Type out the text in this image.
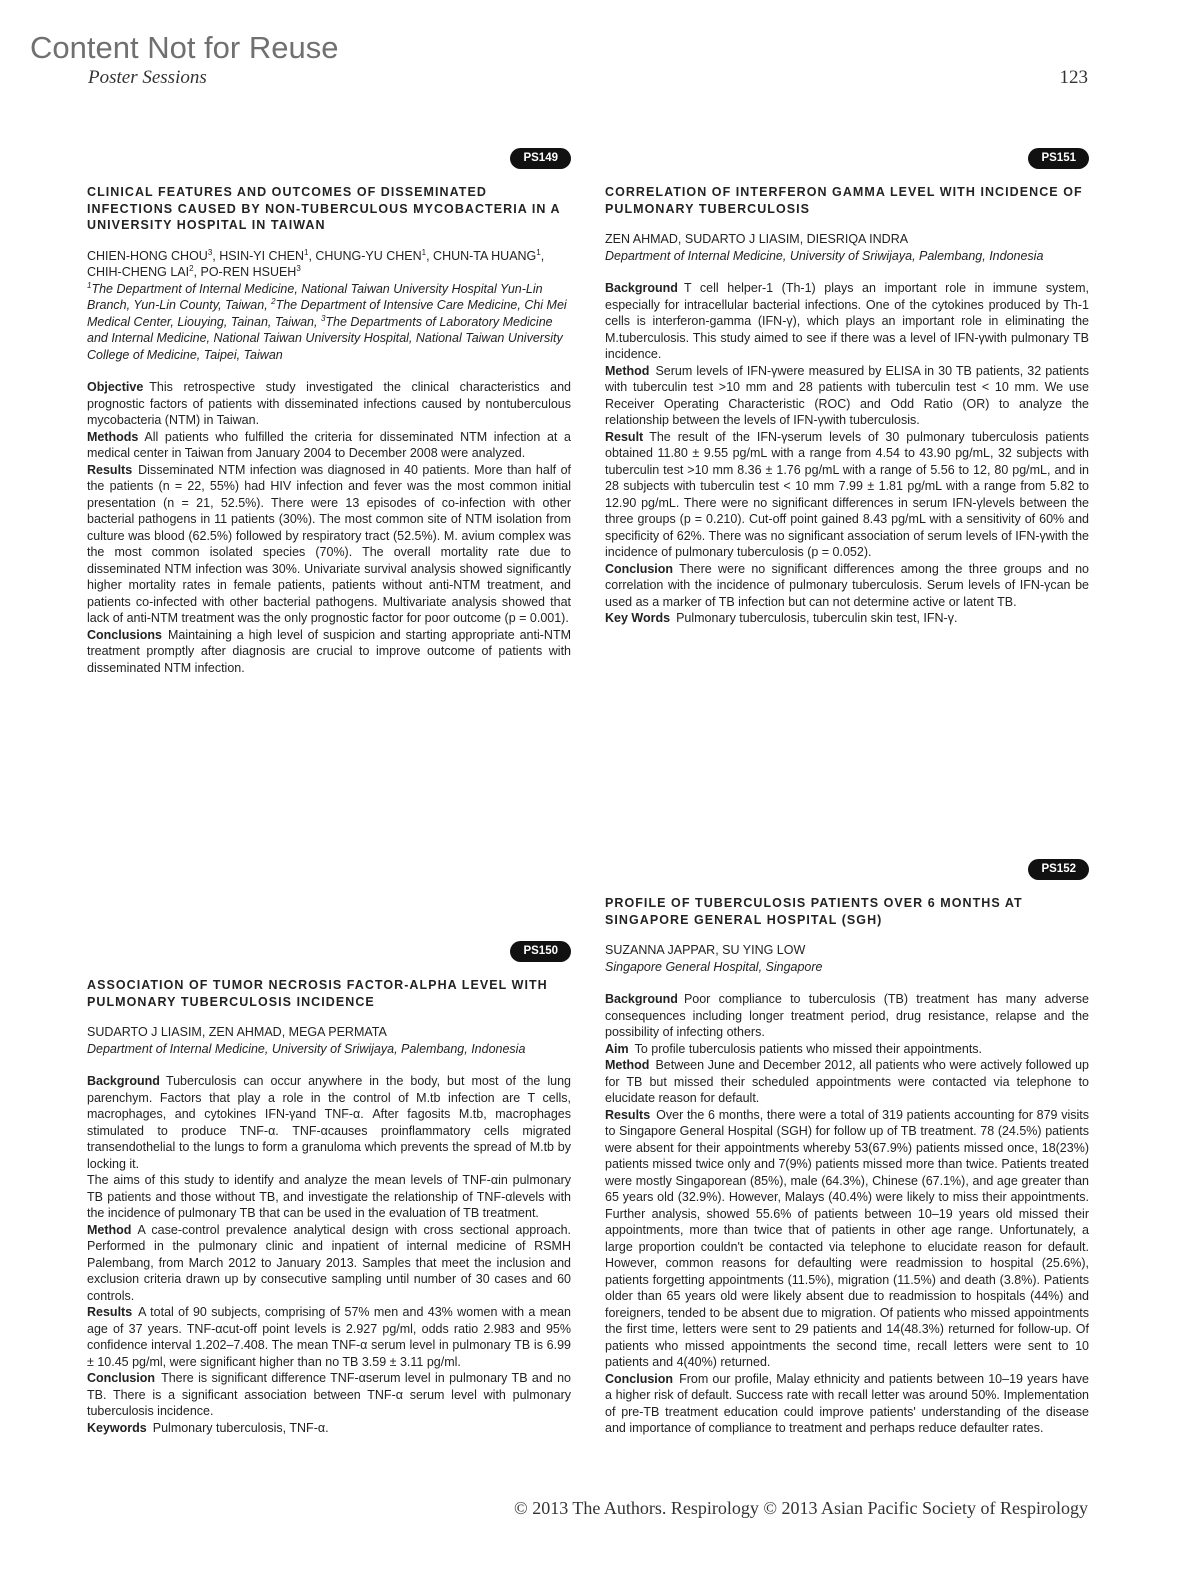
Content Not for Reuse
Poster Sessions	123
PS149

CLINICAL FEATURES AND OUTCOMES OF DISSEMINATED INFECTIONS CAUSED BY NON-TUBERCULOUS MYCOBACTERIA IN A UNIVERSITY HOSPITAL IN TAIWAN

CHIEN-HONG CHOU$^3$, HSIN-YI CHEN$^1$, CHUNG-YU CHEN$^1$, CHUN-TA HUANG$^1$, CHIH-CHENG LAI$^2$, PO-REN HSUEH$^3$

$^1$The Department of Internal Medicine, National Taiwan University Hospital Yun-Lin Branch, Yun-Lin County, Taiwan, $^2$The Department of Intensive Care Medicine, Chi Mei Medical Center, Liouying, Tainan, Taiwan, $^3$The Departments of Laboratory Medicine and Internal Medicine, National Taiwan University Hospital, National Taiwan University College of Medicine, Taipei, Taiwan

Objective This retrospective study investigated the clinical characteristics and prognostic factors of patients with disseminated infections caused by nontuberculous mycobacteria (NTM) in Taiwan.

Methods All patients who fulfilled the criteria for disseminated NTM infection at a medical center in Taiwan from January 2004 to December 2008 were analyzed.

Results Disseminated NTM infection was diagnosed in 40 patients. More than half of the patients (n = 22, 55%) had HIV infection and fever was the most common initial presentation (n = 21, 52.5%). There were 13 episodes of co-infection with other bacterial pathogens in 11 patients (30%). The most common site of NTM isolation from culture was blood (62.5%) followed by respiratory tract (52.5%). M. avium complex was the most common isolated species (70%). The overall mortality rate due to disseminated NTM infection was 30%. Univariate survival analysis showed significantly higher mortality rates in female patients, patients without anti-NTM treatment, and patients co-infected with other bacterial pathogens. Multivariate analysis showed that lack of anti-NTM treatment was the only prognostic factor for poor outcome (p = 0.001).

Conclusions Maintaining a high level of suspicion and starting appropriate anti-NTM treatment promptly after diagnosis are crucial to improve outcome of patients with disseminated NTM infection.

PS150

ASSOCIATION OF TUMOR NECROSIS FACTOR-ALPHA LEVEL WITH PULMONARY TUBERCULOSIS INCIDENCE

SUDARTO J LIASIM, ZEN AHMAD, MEGA PERMATA

Department of Internal Medicine, University of Sriwijaya, Palembang, Indonesia

Background Tuberculosis can occur anywhere in the body, but most of the lung parenchym. Factors that play a role in the control of M.tb infection are T cells, macrophages, and cytokines IFN-γand TNF-α. After fagosits M.tb, macrophages stimulated to produce TNF-α. TNF-αcauses proinflammatory cells migrated transendothelial to the lungs to form a granuloma which prevents the spread of M.tb by locking it.

The aims of this study to identify and analyze the mean levels of TNF-αin pulmonary TB patients and those without TB, and investigate the relationship of TNF-αlevels with the incidence of pulmonary TB that can be used in the evaluation of TB treatment.

Method A case-control prevalence analytical design with cross sectional approach. Performed in the pulmonary clinic and inpatient of internal medicine of RSMH Palembang, from March 2012 to January 2013. Samples that meet the inclusion and exclusion criteria drawn up by consecutive sampling until number of 30 cases and 60 controls.

Results A total of 90 subjects, comprising of 57% men and 43% women with a mean age of 37 years. TNF-αcut-off point levels is 2.927 pg/ml, odds ratio 2.983 and 95% confidence interval 1.202–7.408. The mean TNF-α serum level in pulmonary TB is 6.99 ± 10.45 pg/ml, were significant higher than no TB 3.59 ± 3.11 pg/ml.

Conclusion There is significant difference TNF-αserum level in pulmonary TB and no TB. There is a significant association between TNF-α serum level with pulmonary tuberculosis incidence.

Keywords Pulmonary tuberculosis, TNF-α.

PS151

CORRELATION OF INTERFERON GAMMA LEVEL WITH INCIDENCE OF PULMONARY TUBERCULOSIS

ZEN AHMAD, SUDARTO J LIASIM, DIESRIQA INDRA

Department of Internal Medicine, University of Sriwijaya, Palembang, Indonesia

Background T cell helper-1 (Th-1) plays an important role in immune system, especially for intracellular bacterial infections. One of the cytokines produced by Th-1 cells is interferon-gamma (IFN-γ), which plays an important role in eliminating the M.tuberculosis. This study aimed to see if there was a level of IFN-γwith pulmonary TB incidence.

Method Serum levels of IFN-γwere measured by ELISA in 30 TB patients, 32 patients with tuberculin test >10 mm and 28 patients with tuberculin test < 10 mm. We use Receiver Operating Characteristic (ROC) and Odd Ratio (OR) to analyze the relationship between the levels of IFN-γwith tuberculosis.

Result The result of the IFN-γserum levels of 30 pulmonary tuberculosis patients obtained 11.80 ± 9.55 pg/mL with a range from 4.54 to 43.90 pg/mL, 32 subjects with tuberculin test >10 mm 8.36 ± 1.76 pg/mL with a range of 5.56 to 12, 80 pg/mL, and in 28 subjects with tuberculin test < 10 mm 7.99 ± 1.81 pg/mL with a range from 5.82 to 12.90 pg/mL. There were no significant differences in serum IFN-γlevels between the three groups (p = 0.210). Cut-off point gained 8.43 pg/mL with a sensitivity of 60% and specificity of 62%. There was no significant association of serum levels of IFN-γwith the incidence of pulmonary tuberculosis (p = 0.052).

Conclusion There were no significant differences among the three groups and no correlation with the incidence of pulmonary tuberculosis. Serum levels of IFN-γcan be used as a marker of TB infection but can not determine active or latent TB.

Key Words Pulmonary tuberculosis, tuberculin skin test, IFN-γ.

PS152

PROFILE OF TUBERCULOSIS PATIENTS OVER 6 MONTHS AT SINGAPORE GENERAL HOSPITAL (SGH)

SUZANNA JAPPAR, SU YING LOW

Singapore General Hospital, Singapore

Background Poor compliance to tuberculosis (TB) treatment has many adverse consequences including longer treatment period, drug resistance, relapse and the possibility of infecting others.

Aim To profile tuberculosis patients who missed their appointments.

Method Between June and December 2012, all patients who were actively followed up for TB but missed their scheduled appointments were contacted via telephone to elucidate reason for default.

Results Over the 6 months, there were a total of 319 patients accounting for 879 visits to Singapore General Hospital (SGH) for follow up of TB treatment. 78 (24.5%) patients were absent for their appointments whereby 53(67.9%) patients missed once, 18(23%) patients missed twice only and 7(9%) patients missed more than twice. Patients treated were mostly Singaporean (85%), male (64.3%), Chinese (67.1%), and age greater than 65 years old (32.9%). However, Malays (40.4%) were likely to miss their appointments. Further analysis, showed 55.6% of patients between 10–19 years old missed their appointments, more than twice that of patients in other age range. Unfortunately, a large proportion couldn't be contacted via telephone to elucidate reason for default. However, common reasons for defaulting were readmission to hospital (25.6%), patients forgetting appointments (11.5%), migration (11.5%) and death (3.8%). Patients older than 65 years old were likely absent due to readmission to hospitals (44%) and foreigners, tended to be absent due to migration. Of patients who missed appointments the first time, letters were sent to 29 patients and 14(48.3%) returned for follow-up. Of patients who missed appointments the second time, recall letters were sent to 10 patients and 4(40%) returned.

Conclusion From our profile, Malay ethnicity and patients between 10–19 years have a higher risk of default. Success rate with recall letter was around 50%. Implementation of pre-TB treatment education could improve patients' understanding of the disease and importance of compliance to treatment and perhaps reduce defaulter rates.

© 2013 The Authors. Respirology © 2013 Asian Pacific Society of Respirology
